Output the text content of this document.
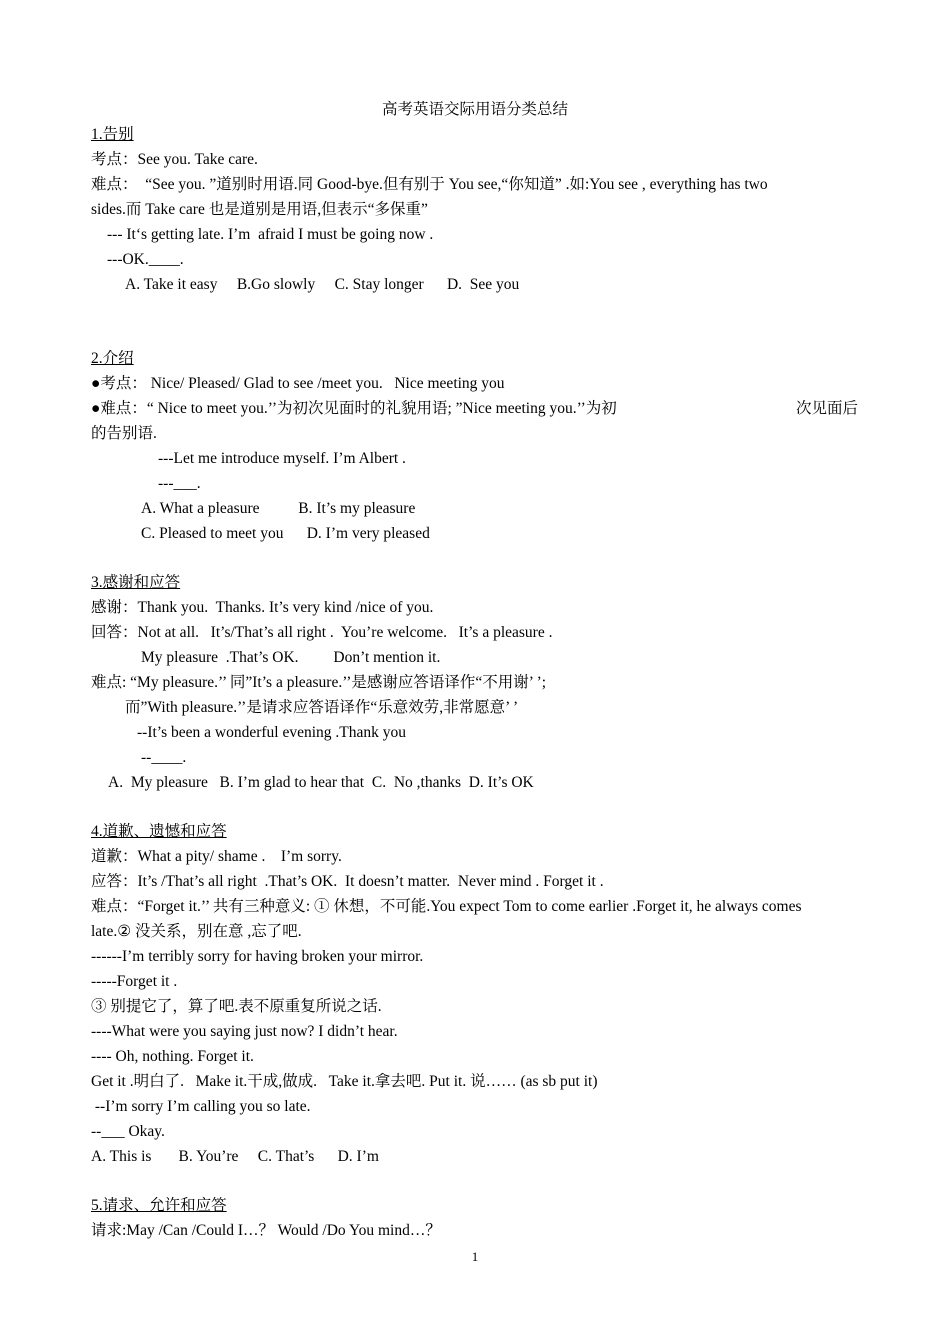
高考英语交际用语分类总结
1.告别
考点：See you. Take care.
难点：　“See you. ”道别时用语.同 Good-bye.但有别于 You see,“你知道” .如:You see , everything has two
sides.而 Take care 也是道别是用语,但表示“多保重”
--- It‘s getting late. I’m  afraid I must be going now .
---OK.____.
A. Take it easy     B.Go slowly     C. Stay longer      D.  See you
2.介绍
●考点： Nice/ Pleased/ Glad to see /meet you.   Nice meeting you
●难点：“ Nice to meet you.’’为初次见面时的礼貌用语; ”Nice meeting you.’’为初	次见面后
的告别语.
---Let me introduce myself. I’m Albert .
---___.
A. What a pleasure          B. It’s my pleasure
C. Pleased to meet you      D. I’m very pleased
3.感谢和应答
感谢：Thank you.  Thanks. It’s very kind /nice of you.
回答：Not at all.   It’s/That’s all right .  You’re welcome.   It’s a pleasure .
My pleasure  .That’s OK.         Don’t mention it.
难点: “My pleasure.’’ 同”It’s a pleasure.’’是感谢应答语译作“不用谢’ ’;
而”With pleasure.’’是请求应答语译作“乐意效劳,非常愿意’ ’
--It’s been a wonderful evening .Thank you
--____.
A.  My pleasure   B. I’m glad to hear that  C.  No ,thanks  D. It’s OK
4.道歉、遗憾和应答
道歉：What a pity/ shame .    I’m sorry.
应答：It’s /That’s all right  .That’s OK.  It doesn’t matter.  Never mind . Forget it .
难点：“Forget it.’’ 共有三种意义: ① 休想，不可能.You expect Tom to come earlier .Forget it, he always comes
late.② 没关系，别在意 ,忘了吧.
------I’m terribly sorry for having broken your mirror.
-----Forget it .
③ 别提它了，算了吧.表不原重复所说之话.
----What were you saying just now? I didn’t hear.
---- Oh, nothing. Forget it.
Get it .明白了.   Make it.干成,做成.   Take it.拿去吧. Put it. 说…… (as sb put it)
--I’m sorry I’m calling you so late.
--___ Okay.
A. This is       B. You’re     C. That’s      D. I’m
5.请求、允许和应答
请求:May /Can /Could I…？ Would /Do You mind…？
1
